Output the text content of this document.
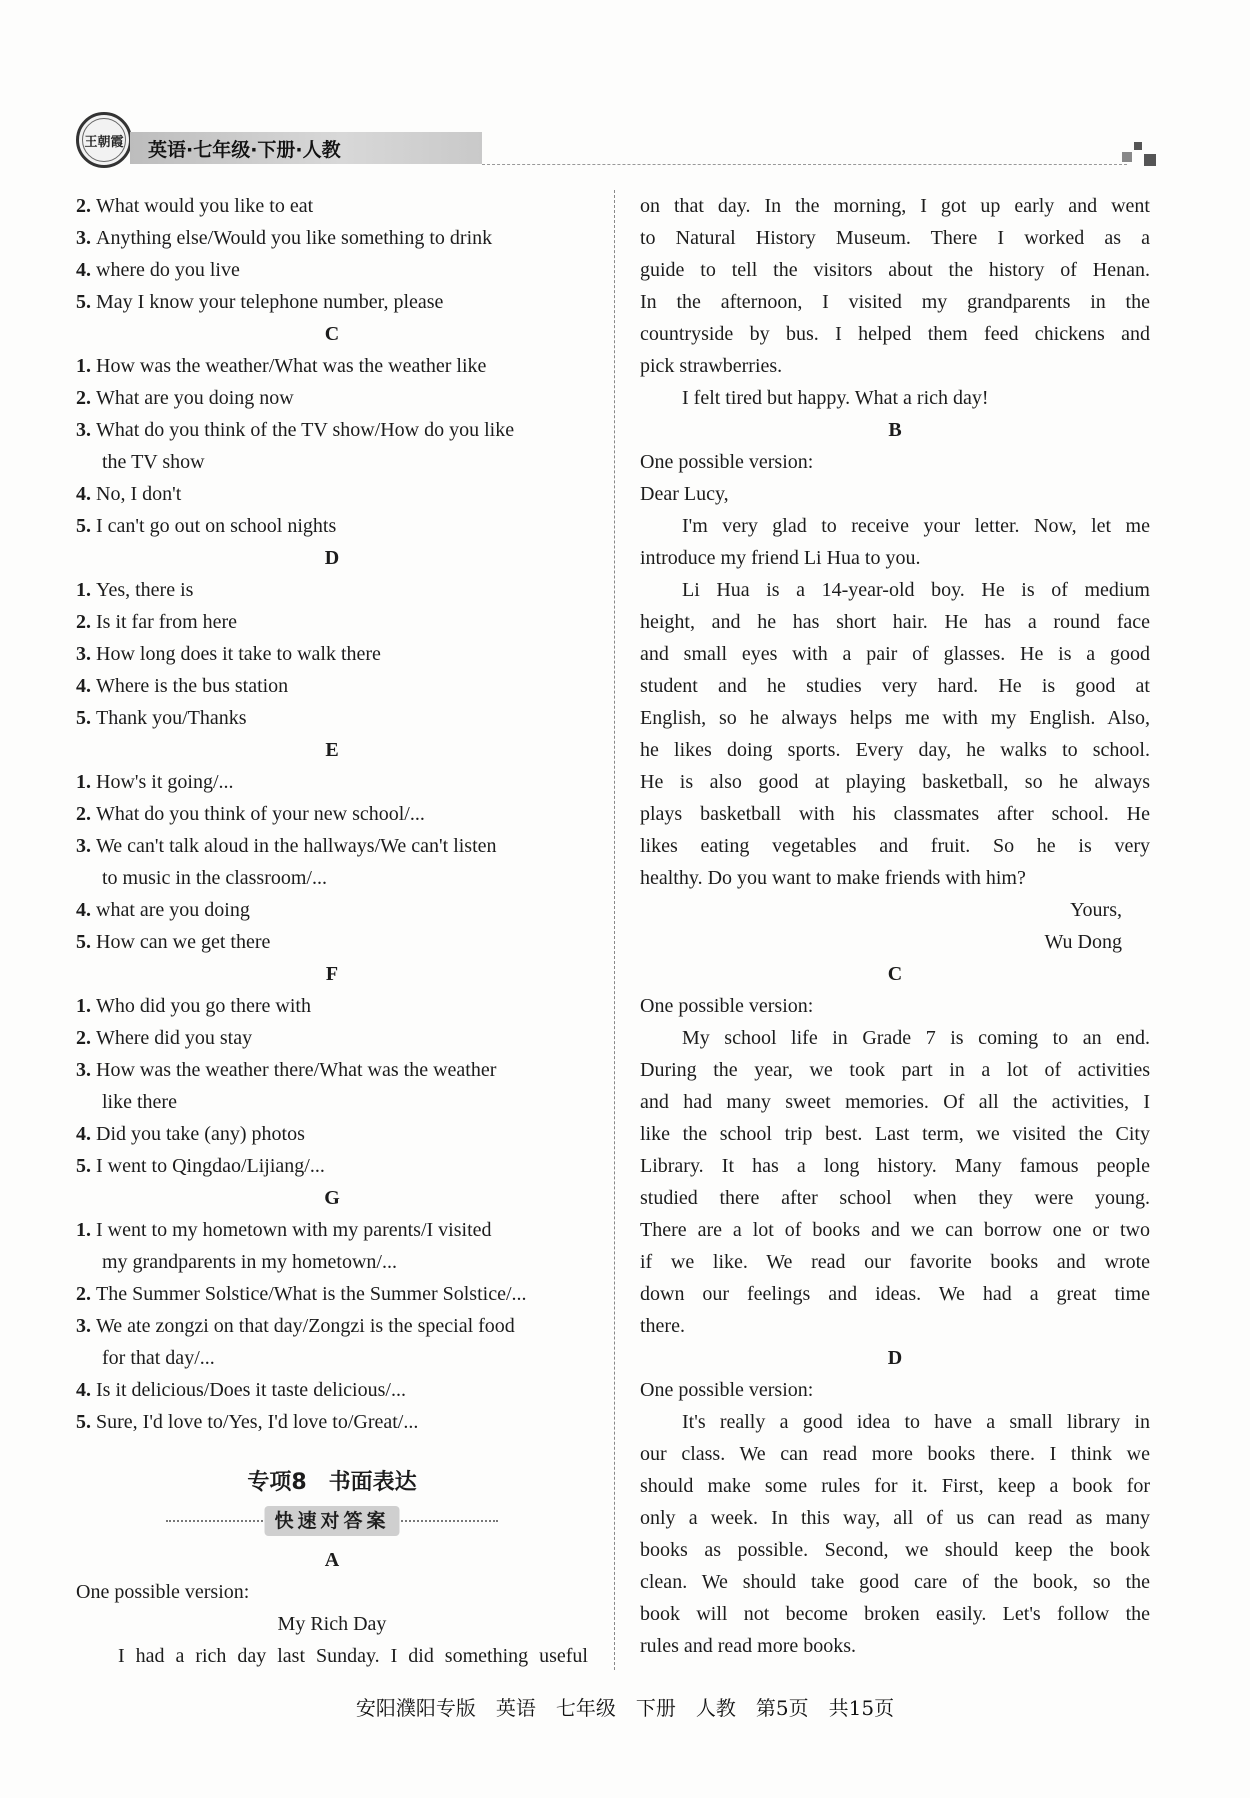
王朝霞	英语·七年级·下册·人教
2. What would you like to eat
3. Anything else/Would you like something to drink
4. where do you live
5. May I know your telephone number, please
C
1. How was the weather/What was the weather like
2. What are you doing now
3. What do you think of the TV show/How do you like
the TV show
4. No, I don't
5. I can't go out on school nights
D
1. Yes, there is
2. Is it far from here
3. How long does it take to walk there
4. Where is the bus station
5. Thank you/Thanks
E
1. How's it going/...
2. What do you think of your new school/...
3. We can't talk aloud in the hallways/We can't listen
to music in the classroom/...
4. what are you doing
5. How can we get there
F
1. Who did you go there with
2. Where did you stay
3. How was the weather there/What was the weather
like there
4. Did you take (any) photos
5. I went to Qingdao/Lijiang/...
G
1. I went to my hometown with my parents/I visited
my grandparents in my hometown/...
2. The Summer Solstice/What is the Summer Solstice/...
3. We ate zongzi on that day/Zongzi is the special food
for that day/...
4. Is it delicious/Does it taste delicious/...
5. Sure, I'd love to/Yes, I'd love to/Great/...
专项8　书面表达
快速对答案
A
One possible version:
My Rich Day
I had a rich day last Sunday. I did something useful
on that day. In the morning, I got up early and went
to Natural History Museum. There I worked as a
guide to tell the visitors about the history of Henan.
In the afternoon, I visited my grandparents in the
countryside by bus. I helped them feed chickens and
pick strawberries.
I felt tired but happy. What a rich day!
B
One possible version:
Dear Lucy,
I'm very glad to receive your letter. Now, let me
introduce my friend Li Hua to you.
Li Hua is a 14-year-old boy. He is of medium
height, and he has short hair. He has a round face
and small eyes with a pair of glasses. He is a good
student and he studies very hard. He is good at
English, so he always helps me with my English. Also,
he likes doing sports. Every day, he walks to school.
He is also good at playing basketball, so he always
plays basketball with his classmates after school. He
likes eating vegetables and fruit. So he is very
healthy. Do you want to make friends with him?
Yours,
Wu Dong
C
One possible version:
My school life in Grade 7 is coming to an end.
During the year, we took part in a lot of activities
and had many sweet memories. Of all the activities, I
like the school trip best. Last term, we visited the City
Library. It has a long history. Many famous people
studied there after school when they were young.
There are a lot of books and we can borrow one or two
if we like. We read our favorite books and wrote
down our feelings and ideas. We had a great time
there.
D
One possible version:
It's really a good idea to have a small library in
our class. We can read more books there. I think we
should make some rules for it. First, keep a book for
only a week. In this way, all of us can read as many
books as possible. Second, we should keep the book
clean. We should take good care of the book, so the
book will not become broken easily. Let's follow the
rules and read more books.
安阳濮阳专版　英语　七年级　下册　人教　第5页　共15页
